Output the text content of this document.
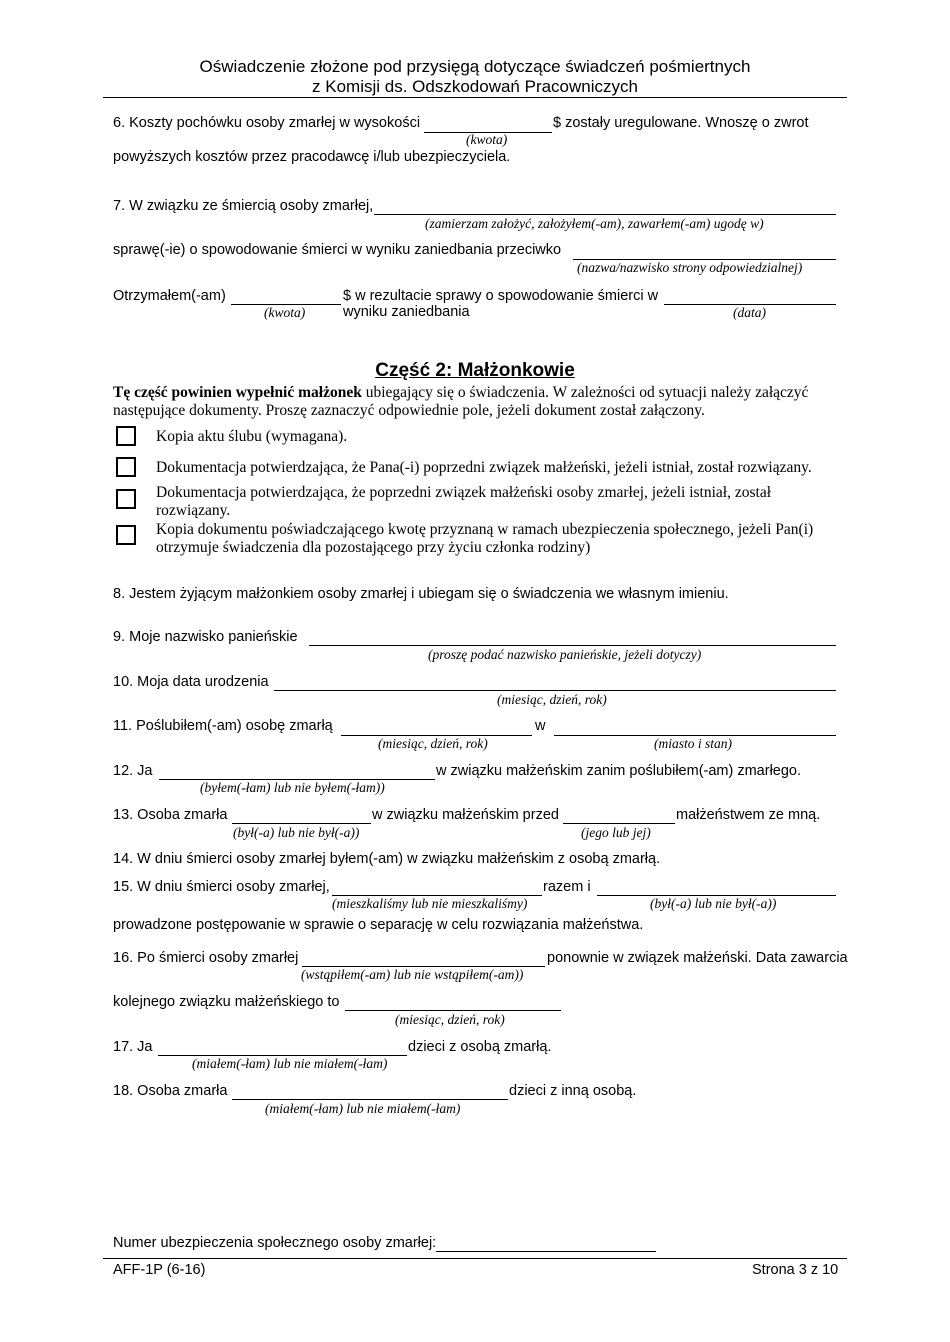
Oświadczenie złożone pod przysięgą dotyczące świadczeń pośmiertnych
z Komisji ds. Odszkodowań Pracowniczych
6. Koszty pochówku osoby zmarłej w wysokości	$ zostały uregulowane. Wnoszę o zwrot
(kwota)
powyższych kosztów przez pracodawcę i/lub ubezpieczyciela.
7. W związku ze śmiercią osoby zmarłej,
(zamierzam założyć, założyłem(-am), zawarłem(-am) ugodę w)
sprawę(-ie) o spowodowanie śmierci w wyniku zaniedbania przeciwko
(nazwa/nazwisko strony odpowiedzialnej)
Otrzymałem(-am)
(kwota)
$ w rezultacie sprawy o spowodowanie śmierci w
wyniku zaniedbania	(data)
Część 2: Małżonkowie
Tę część powinien wypełnić małżonek ubiegający się o świadczenia. W zależności od sytuacji należy załączyć następujące dokumenty. Proszę zaznaczyć odpowiednie pole, jeżeli dokument został załączony.
Kopia aktu ślubu (wymagana).
Dokumentacja potwierdzająca, że Pana(-i) poprzedni związek małżeński, jeżeli istniał, został rozwiązany.
Dokumentacja potwierdzająca, że poprzedni związek małżeński osoby zmarłej, jeżeli istniał, został rozwiązany.
Kopia dokumentu poświadczającego kwotę przyznaną w ramach ubezpieczenia społecznego, jeżeli Pan(i) otrzymuje świadczenia dla pozostającego przy życiu członka rodziny)
8. Jestem żyjącym małżonkiem osoby zmarłej i ubiegam się o świadczenia we własnym imieniu.
9. Moje nazwisko panieńskie
(proszę podać nazwisko panieńskie, jeżeli dotyczy)
10. Moja data urodzenia
(miesiąc, dzień, rok)
11. Poślubiłem(-am) osobę zmarłą	w
(miesiąc, dzień, rok)	(miasto i stan)
12. Ja	w związku małżeńskim zanim poślubiłem(-am) zmarłego.
(byłem(-łam) lub nie byłem(-łam))
13. Osoba zmarła	w związku małżeńskim przed	małżeństwem ze mną.
(był(-a) lub nie był(-a))	(jego lub jej)
14. W dniu śmierci osoby zmarłej byłem(-am) w związku małżeńskim z osobą zmarłą.
15. W dniu śmierci osoby zmarłej,	razem i
(mieszkaliśmy lub nie mieszkaliśmy)	(był(-a) lub nie był(-a))
prowadzone postępowanie w sprawie o separację w celu rozwiązania małżeństwa.
16. Po śmierci osoby zmarłej	ponownie w związek małżeński. Data zawarcia
(wstąpiłem(-am) lub nie wstąpiłem(-am))
kolejnego związku małżeńskiego to
(miesiąc, dzień, rok)
17. Ja	dzieci z osobą zmarłą.
(miałem(-łam) lub nie miałem(-łam)
18. Osoba zmarła	dzieci z inną osobą.
(miałem(-łam) lub nie miałem(-łam)
Numer ubezpieczenia społecznego osoby zmarłej:
AFF-1P (6-16)	Strona 3 z 10
